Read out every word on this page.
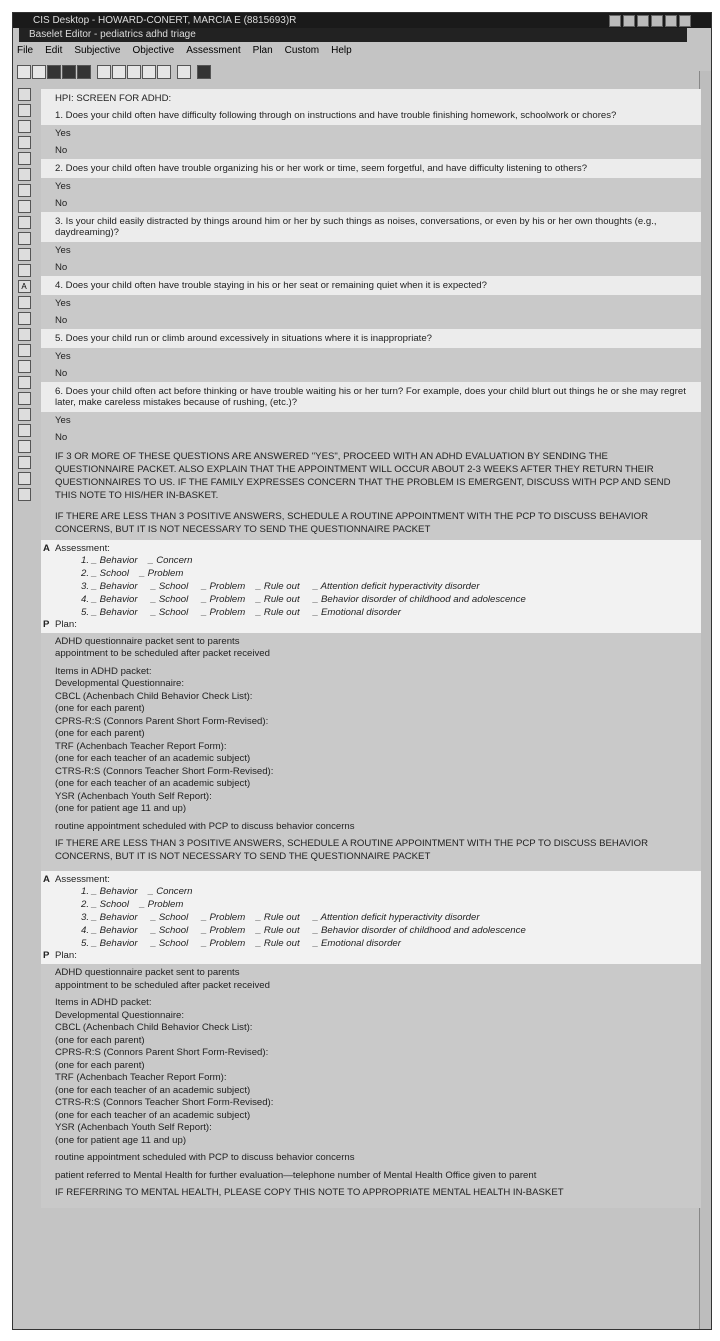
CIS Desktop - HOWARD-CONERT, MARCIA E (8815693)R
Baselet Editor - pediatrics adhd triage
File Edit Subjective Objective Assessment Plan Custom Help
A
HPI: SCREEN FOR ADHD:
1. Does your child often have difficulty following through on instructions and have trouble finishing homework, schoolwork or chores?
Yes
No
2. Does your child often have trouble organizing his or her work or time, seem forgetful, and have difficulty listening to others?
Yes
No
3. Is your child easily distracted by things around him or her by such things as noises, conversations, or even by his or her own thoughts (e.g., daydreaming)?
Yes
No
4. Does your child often have trouble staying in his or her seat or remaining quiet when it is expected?
Yes
No
5. Does your child run or climb around excessively in situations where it is inappropriate?
Yes
No
6. Does your child often act before thinking or have trouble waiting his or her turn? For example, does your child blurt out things he or she may regret later, make careless mistakes because of rushing, (etc.)?
Yes
No
IF 3 OR MORE OF THESE QUESTIONS ARE ANSWERED "YES", PROCEED WITH AN ADHD EVALUATION BY SENDING THE QUESTIONNAIRE PACKET. ALSO EXPLAIN THAT THE APPOINTMENT WILL OCCUR ABOUT 2-3 WEEKS AFTER THEY RETURN THEIR QUESTIONNAIRES TO US. IF THE FAMILY EXPRESSES CONCERN THAT THE PROBLEM IS EMERGENT, DISCUSS WITH PCP AND SEND THIS NOTE TO HIS/HER IN-BASKET.
IF THERE ARE LESS THAN 3 POSITIVE ANSWERS, SCHEDULE A ROUTINE APPOINTMENT WITH THE PCP TO DISCUSS BEHAVIOR CONCERNS, BUT IT IS NOT NECESSARY TO SEND THE QUESTIONNAIRE PACKET
A Assessment:
1. _ Behavior    _ Concern
2. _ School    _ Problem
3. _ Behavior     _ School     _ Problem    _ Rule out     _ Attention deficit hyperactivity disorder
4. _ Behavior     _ School     _ Problem    _ Rule out     _ Behavior disorder of childhood and adolescence
5. _ Behavior     _ School     _ Problem    _ Rule out     _ Emotional disorder
P Plan:

ADHD questionnaire packet sent to parents
appointment to be scheduled after packet received

Items in ADHD packet:
Developmental Questionnaire:
CBCL (Achenbach Child Behavior Check List):
(one for each parent)
CPRS-R:S (Connors Parent Short Form-Revised):
(one for each parent)
TRF (Achenbach Teacher Report Form):
(one for each teacher of an academic subject)
CTRS-R:S (Connors Teacher Short Form-Revised):
(one for each teacher of an academic subject)
YSR (Achenbach Youth Self Report):
(one for patient age 11 and up)

routine appointment scheduled with PCP to discuss behavior concerns

IF THERE ARE LESS THAN 3 POSITIVE ANSWERS, SCHEDULE A ROUTINE APPOINTMENT WITH THE PCP TO DISCUSS BEHAVIOR CONCERNS, BUT IT IS NOT NECESSARY TO SEND THE QUESTIONNAIRE PACKET

A Assessment:
1. _ Behavior    _ Concern
2. _ School    _ Problem
3. _ Behavior     _ School     _ Problem    _ Rule out     _ Attention deficit hyperactivity disorder
4. _ Behavior     _ School     _ Problem    _ Rule out     _ Behavior disorder of childhood and adolescence
5. _ Behavior     _ School     _ Problem    _ Rule out     _ Emotional disorder
P Plan:

ADHD questionnaire packet sent to parents
appointment to be scheduled after packet received

Items in ADHD packet:
Developmental Questionnaire:
CBCL (Achenbach Child Behavior Check List):
(one for each parent)
CPRS-R:S (Connors Parent Short Form-Revised):
(one for each parent)
TRF (Achenbach Teacher Report Form):
(one for each teacher of an academic subject)
CTRS-R:S (Connors Teacher Short Form-Revised):
(one for each teacher of an academic subject)
YSR (Achenbach Youth Self Report):
(one for patient age 11 and up)

routine appointment scheduled with PCP to discuss behavior concerns

patient referred to Mental Health for further evaluation—telephone number of Mental Health Office given to parent

IF REFERRING TO MENTAL HEALTH, PLEASE COPY THIS NOTE TO APPROPRIATE MENTAL HEALTH IN-BASKET
